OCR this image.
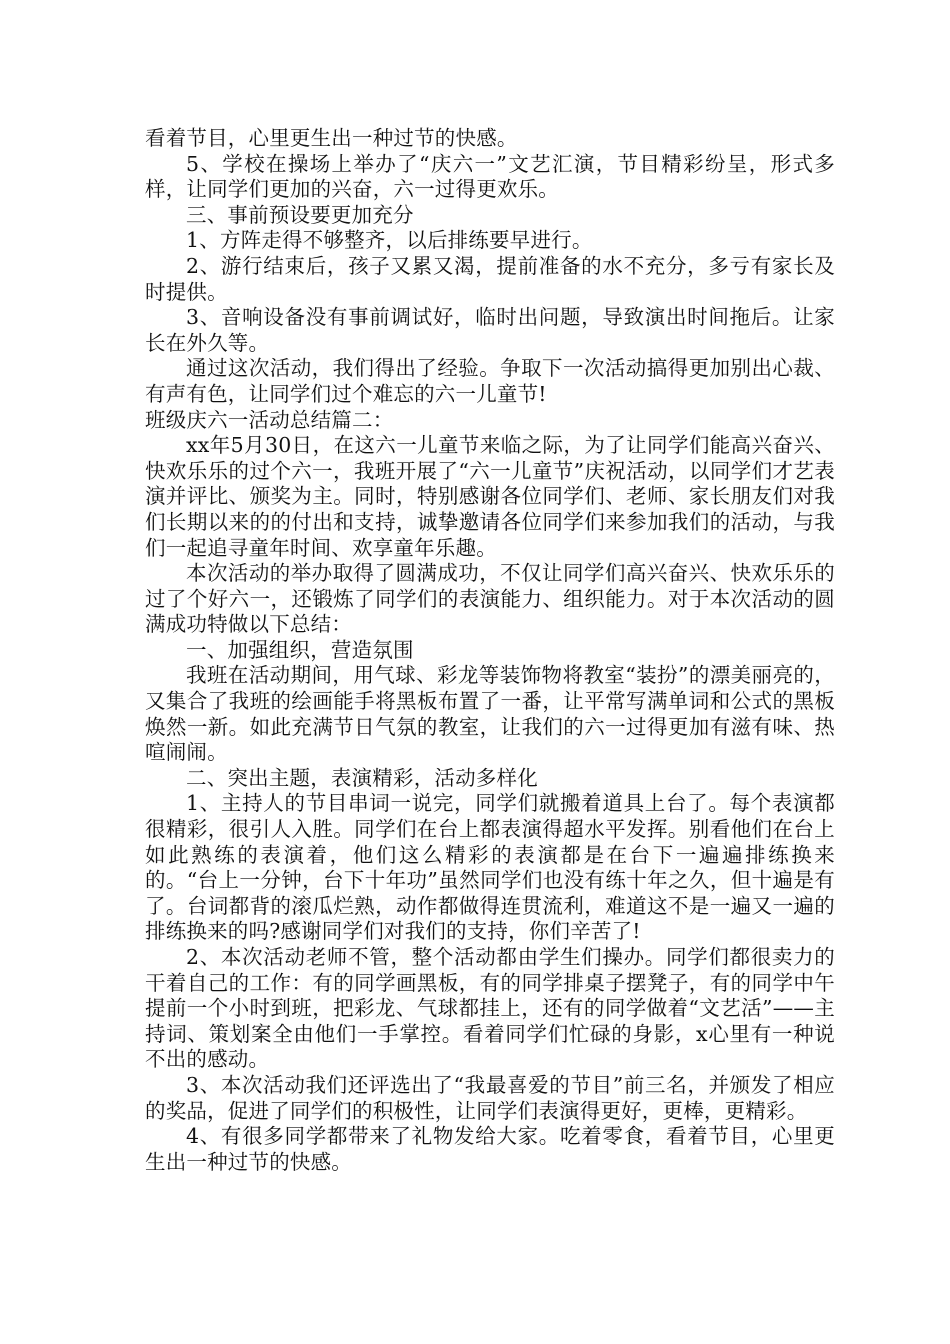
看着节目，心里更生出一种过节的快感。

5、学校在操场上举办了“庆六一”文艺汇演，节目精彩纷呈，形式多样，让同学们更加的兴奋，六一过得更欢乐。

三、事前预设要更加充分

1、方阵走得不够整齐，以后排练要早进行。

2、游行结束后，孩子又累又渴，提前准备的水不充分，多亏有家长及时提供。

3、音响设备没有事前调试好，临时出问题，导致演出时间拖后。让家长在外久等。

通过这次活动，我们得出了经验。争取下一次活动搞得更加别出心裁、有声有色，让同学们过个难忘的六一儿童节!

班级庆六一活动总结篇二：

xx年5月30日，在这六一儿童节来临之际，为了让同学们能高兴奋兴、快欢乐乐的过个六一，我班开展了“六一儿童节”庆祝活动，以同学们才艺表演并评比、颁奖为主。同时，特别感谢各位同学们、老师、家长朋友们对我们长期以来的的付出和支持，诚挚邀请各位同学们来参加我们的活动，与我们一起追寻童年时间、欢享童年乐趣。

本次活动的举办取得了圆满成功，不仅让同学们高兴奋兴、快欢乐乐的过了个好六一，还锻炼了同学们的表演能力、组织能力。对于本次活动的圆满成功特做以下总结：

一、加强组织，营造氛围

我班在活动期间，用气球、彩龙等装饰物将教室“装扮”的漂美丽亮的，又集合了我班的绘画能手将黑板布置了一番，让平常写满单词和公式的黑板焕然一新。如此充满节日气氛的教室，让我们的六一过得更加有滋有味、热喧闹闹。

二、突出主题，表演精彩，活动多样化

1、主持人的节目串词一说完，同学们就搬着道具上台了。每个表演都很精彩，很引人入胜。同学们在台上都表演得超水平发挥。别看他们在台上如此熟练的表演着，他们这么精彩的表演都是在台下一遍遍排练换来的。“台上一分钟，台下十年功”虽然同学们也没有练十年之久，但十遍是有了。台词都背的滚瓜烂熟，动作都做得连贯流利，难道这不是一遍又一遍的排练换来的吗?感谢同学们对我们的支持，你们辛苦了!

2、本次活动老师不管，整个活动都由学生们操办。同学们都很卖力的干着自己的工作：有的同学画黑板，有的同学排桌子摆凳子，有的同学中午提前一个小时到班，把彩龙、气球都挂上，还有的同学做着“文艺活”——主持词、策划案全由他们一手掌控。看着同学们忙碌的身影，x心里有一种说不出的感动。

3、本次活动我们还评选出了“我最喜爱的节目”前三名，并颁发了相应的奖品，促进了同学们的积极性，让同学们表演得更好，更棒，更精彩。

4、有很多同学都带来了礼物发给大家。吃着零食，看着节目，心里更生出一种过节的快感。
